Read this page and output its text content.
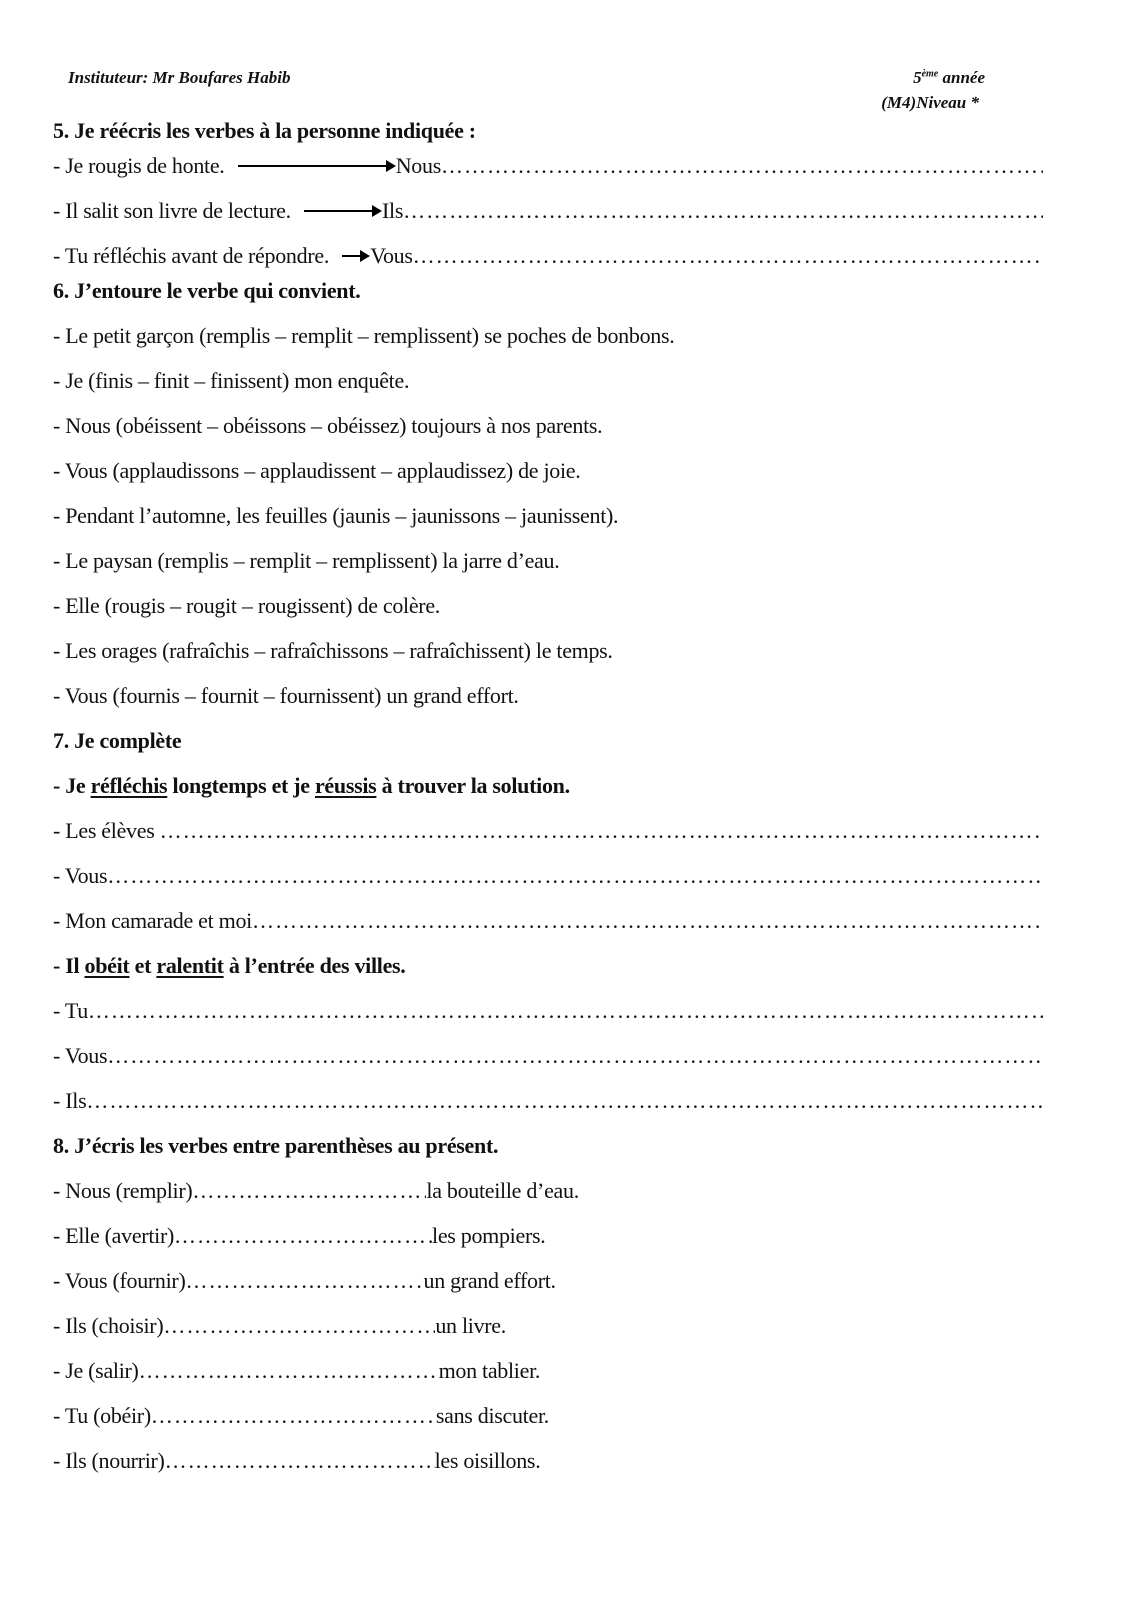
Instituteur: Mr Boufares Habib	5ème année
(M4)Niveau *
5. Je réécris les verbes à la personne indiquée :
- Je rougis de honte.	Nous
……………………………………………………………………………………………………………………………………………………………………
- Il salit son livre de lecture.	Ils
……………………………………………………………………………………………………………………………………………………………………
- Tu réfléchis avant de répondre. Vous
……………………………………………………………………………………………………………………………………………………………………
6. J’entoure le verbe qui convient.
- Le petit garçon (remplis – remplit – remplissent) se poches de bonbons.
- Je (finis – finit – finissent) mon enquête.
- Nous (obéissent – obéissons – obéissez) toujours à nos parents.
- Vous (applaudissons – applaudissent – applaudissez) de joie.
- Pendant l’automne, les feuilles (jaunis – jaunissons – jaunissent).
- Le paysan (remplis – remplit – remplissent) la jarre d’eau.
- Elle (rougis – rougit – rougissent) de colère.
- Les orages (rafraîchis – rafraîchissons – rafraîchissent) le temps.
- Vous (fournis – fournit – fournissent) un grand effort.
7. Je complète
- Je réfléchis longtemps et je réussis à trouver la solution.
- Les élèves
……………………………………………………………………………………………………………………………………………………………………
- Vous
……………………………………………………………………………………………………………………………………………………………………
- Mon camarade et moi
……………………………………………………………………………………………………………………………………………………………………
- Il obéit et ralentit à l’entrée des villes.
- Tu
……………………………………………………………………………………………………………………………………………………………………
- Vous
……………………………………………………………………………………………………………………………………………………………………
- Ils
……………………………………………………………………………………………………………………………………………………………………
8. J’écris les verbes entre parenthèses au présent.
- Nous (remplir) ……………………………………………………………………	la bouteille d’eau.
- Elle (avertir) ……………………………………………………………………	les pompiers.
- Vous (fournir) ……………………………………………………………………	un grand effort.
- Ils (choisir) ……………………………………………………………………	un livre.
- Je (salir) ……………………………………………………………………	mon tablier.
- Tu (obéir) ……………………………………………………………………	sans discuter.
- Ils (nourrir) ……………………………………………………………………	les oisillons.
